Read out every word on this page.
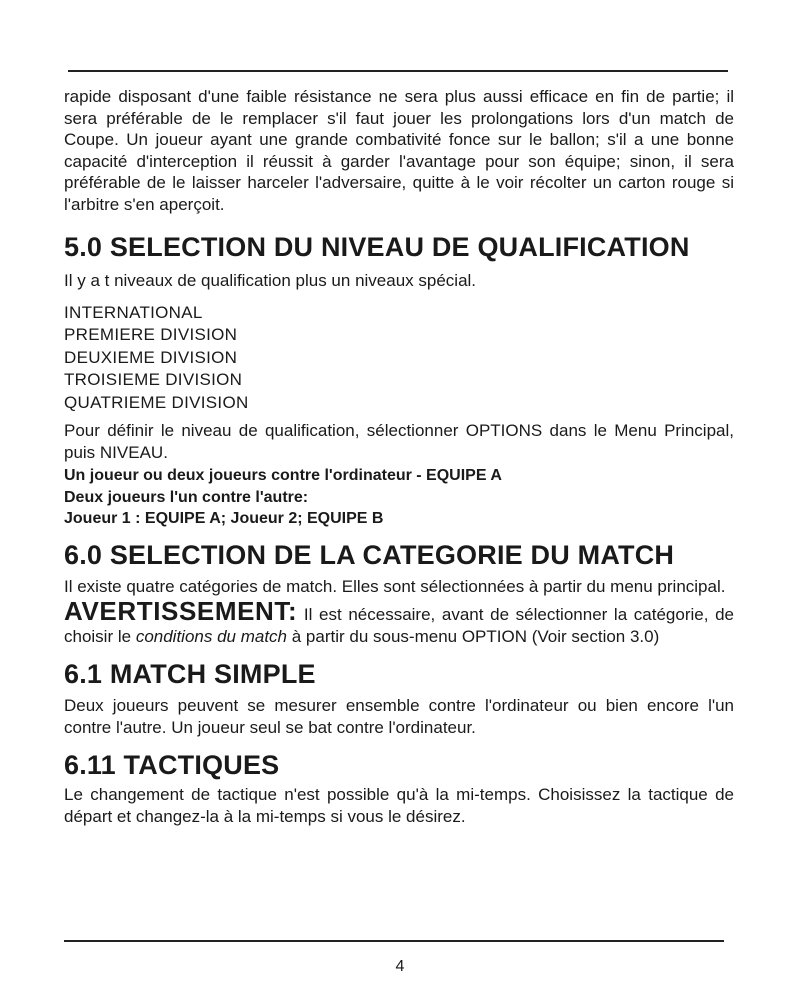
rapide disposant d'une faible résistance ne sera plus aussi efficace en fin de partie; il sera préférable de le remplacer s'il faut jouer les prolongations lors d'un match de Coupe. Un joueur ayant une grande combativité fonce sur le ballon; s'il a une bonne capacité d'interception il réussit à garder l'avantage pour son équipe; sinon, il sera préférable de le laisser harceler l'adversaire, quitte à le voir récolter un carton rouge si l'arbitre s'en aperçoit.

5.0 SELECTION DU NIVEAU DE QUALIFICATION

Il y a t niveaux de qualification plus un niveaux spécial.

INTERNATIONAL
PREMIERE DIVISION
DEUXIEME DIVISION
TROISIEME DIVISION
QUATRIEME DIVISION

Pour définir le niveau de qualification, sélectionner OPTIONS dans le Menu Principal, puis NIVEAU.

Un joueur ou deux joueurs contre l'ordinateur - EQUIPE A
Deux joueurs l'un contre l'autre:
Joueur 1 : EQUIPE A; Joueur 2; EQUIPE B
6.0 SELECTION DE LA CATEGORIE DU MATCH

Il existe quatre catégories de match. Elles sont sélectionnées à partir du menu principal.

AVERTISSEMENT: Il est nécessaire, avant de sélectionner la catégorie, de choisir le conditions du match à partir du sous-menu OPTION (Voir section 3.0)
6.1 MATCH SIMPLE

Deux joueurs peuvent se mesurer ensemble contre l'ordinateur ou bien encore l'un contre l'autre. Un joueur seul se bat contre l'ordinateur.

6.11 TACTIQUES

Le changement de tactique n'est possible qu'à la mi-temps. Choisissez la tactique de départ et changez-la à la mi-temps si vous le désirez.

4
